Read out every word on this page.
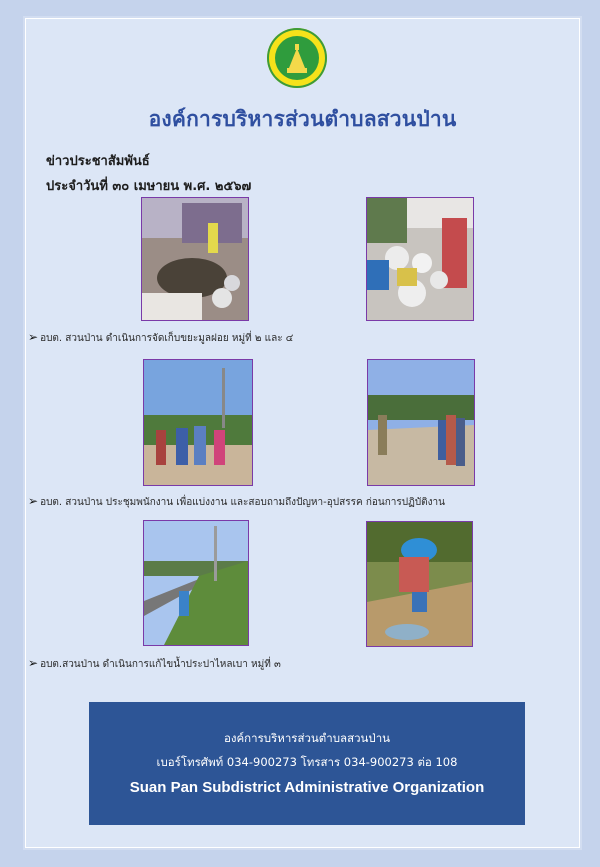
องค์การบริหารส่วนตำบลสวนป่าน
ข่าวประชาสัมพันธ์
ประจำวันที่ ๓๐ เมษายน พ.ศ. ๒๕๖๗
➢ อบต. สวนป่าน ดำเนินการจัดเก็บขยะมูลฝอย หมู่ที่ ๒ และ ๔
➢ อบต. สวนป่าน ประชุมพนักงาน เพื่อแบ่งงาน และสอบถามถึงปัญหา-อุปสรรค ก่อนการปฏิบัติงาน
➢ อบต.สวนป่าน ดำเนินการแก้ไขน้ำประปาไหลเบา หมู่ที่ ๓
องค์การบริหารส่วนตำบลสวนป่าน
เบอร์โทรศัพท์ 034-900273 โทรสาร 034-900273 ต่อ 108
Suan Pan Subdistrict Administrative Organization
